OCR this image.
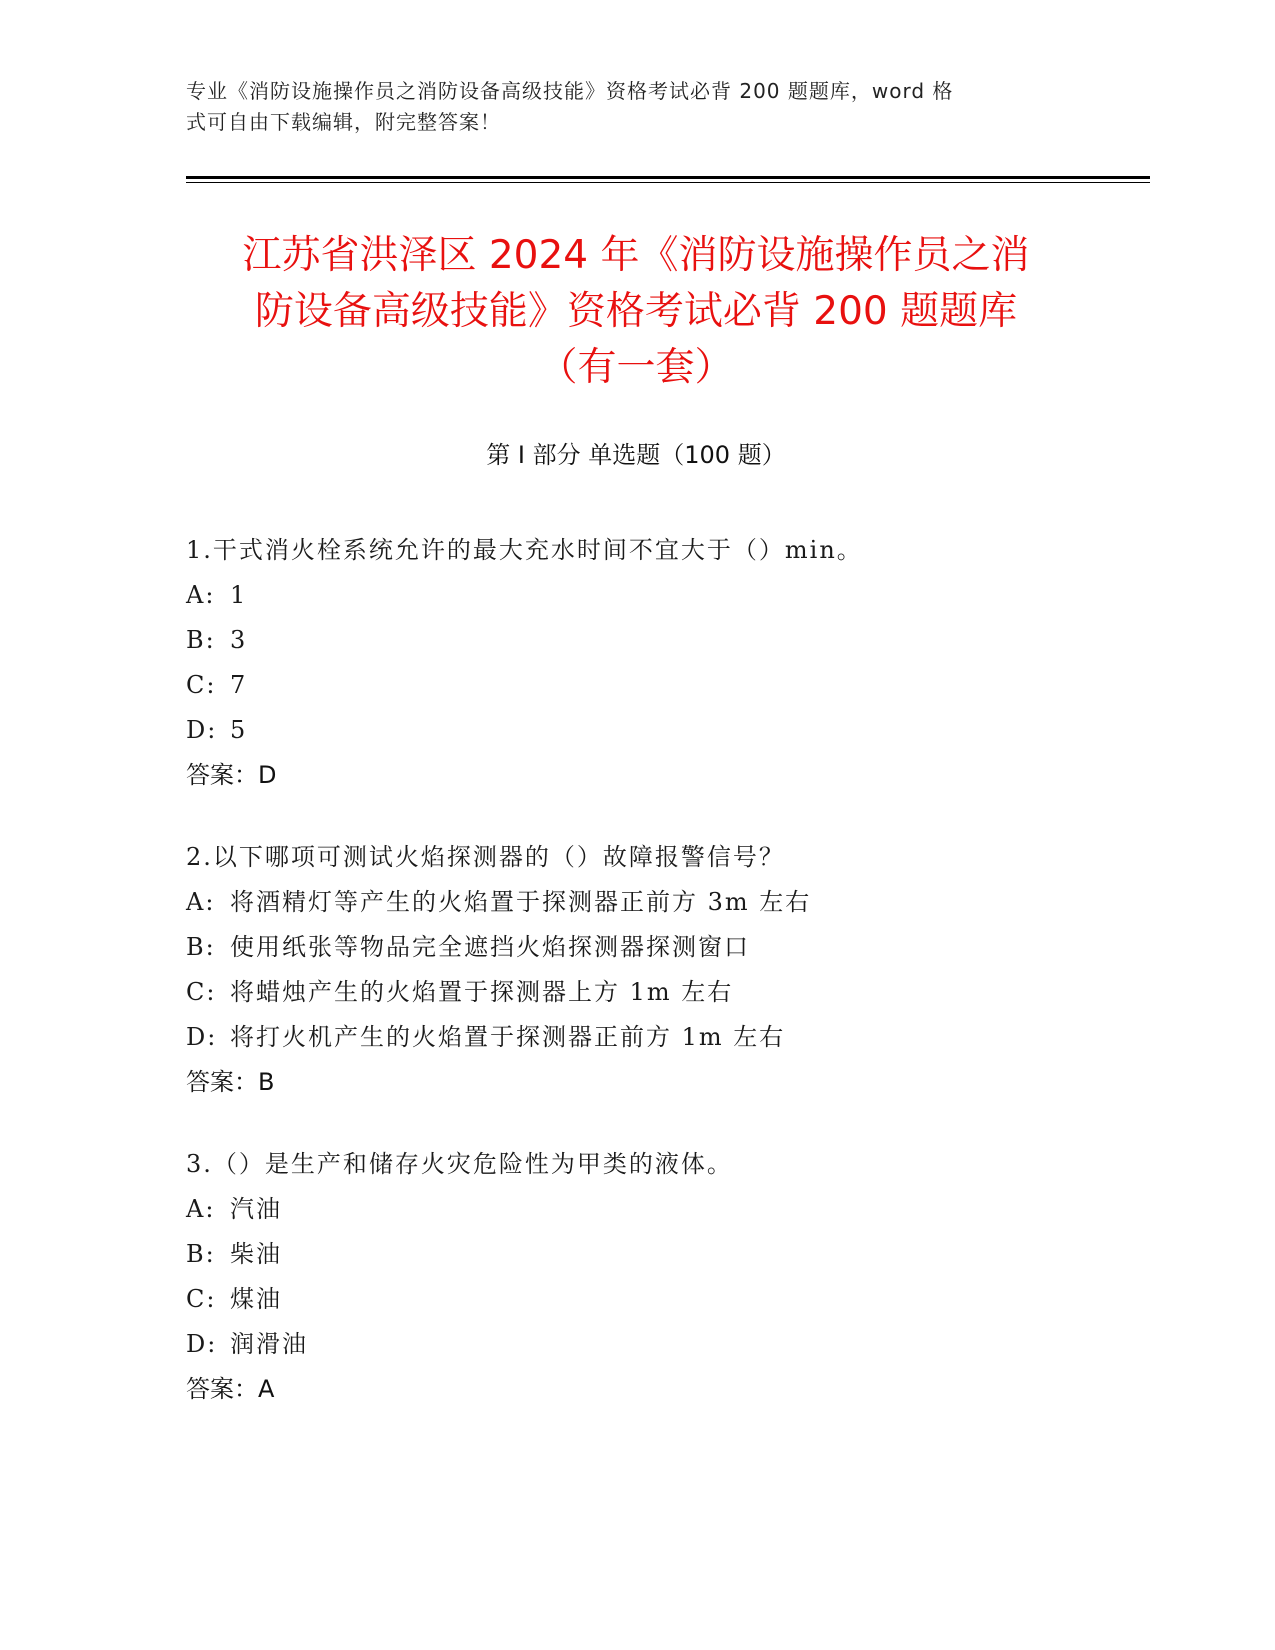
专业《消防设施操作员之消防设备高级技能》资格考试必背 200 题题库，word 格
式可自由下载编辑，附完整答案！
江苏省洪泽区 2024 年《消防设施操作员之消
防设备高级技能》资格考试必背 200 题题库
（有一套）
第 I 部分 单选题（100 题）
1.干式消火栓系统允许的最大充水时间不宜大于（）min。
A: 1
B: 3
C: 7
D: 5
答案：D
2.以下哪项可测试火焰探测器的（）故障报警信号？
A: 将酒精灯等产生的火焰置于探测器正前方 3m 左右
B: 使用纸张等物品完全遮挡火焰探测器探测窗口
C: 将蜡烛产生的火焰置于探测器上方 1m 左右
D: 将打火机产生的火焰置于探测器正前方 1m 左右
答案：B
3.（）是生产和储存火灾危险性为甲类的液体。
A: 汽油
B: 柴油
C: 煤油
D: 润滑油
答案：A
